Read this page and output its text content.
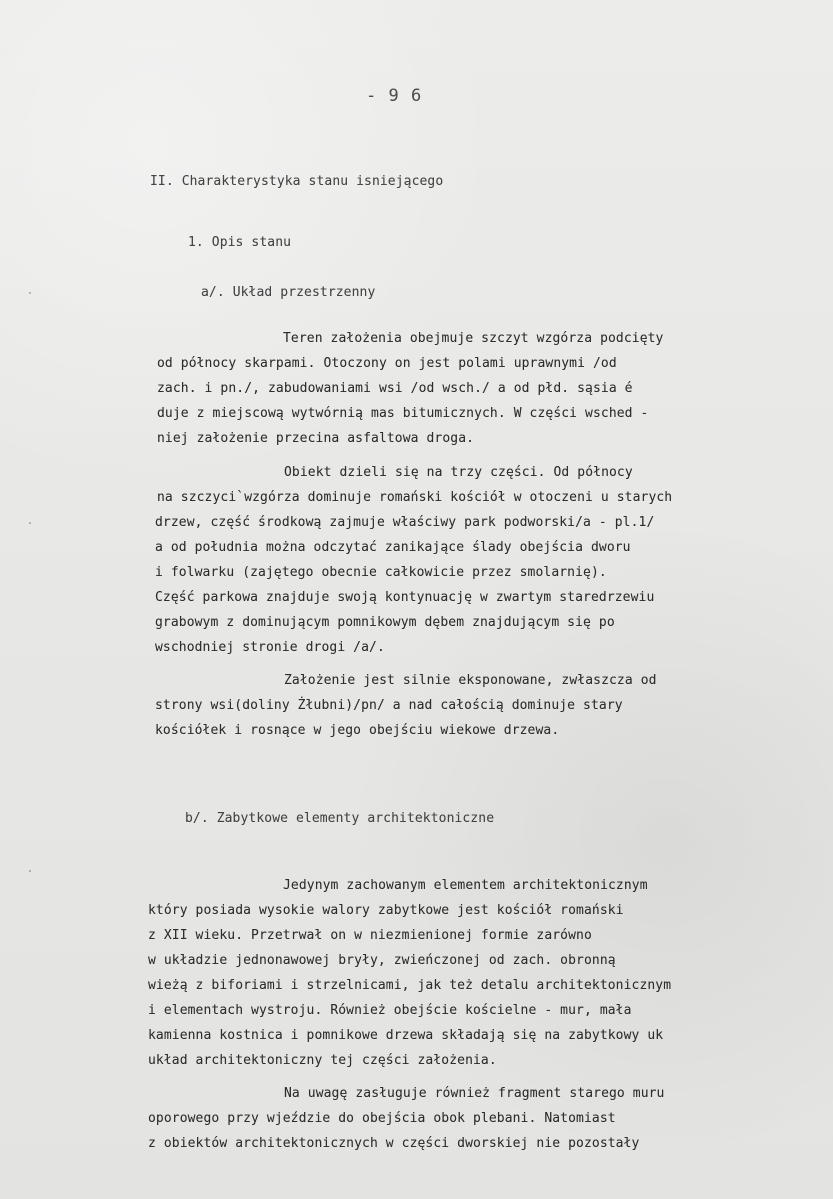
- 9 6
II. Charakterystyka stanu isniejącego
1. Opis stanu
a/. Układ przestrzenny
Teren założenia obejmuje szczyt wzgórza podcięty
od północy skarpami. Otoczony on jest polami uprawnymi /od
zach. i pn./, zabudowaniami wsi /od wsch./ a od płd. sąsia é
duje z miejscową wytwórnią mas bitumicznych. W części wsched -
niej założenie przecina asfaltowa droga.
Obiekt dzieli się na trzy części. Od północy
na szczyci`wzgórza dominuje romański kościół w otoczeni u starych
drzew, część środkową zajmuje właściwy park podworski/a - pl.1/
a od południa można odczytać zanikające ślady obejścia dworu
i folwarku (zajętego obecnie całkowicie przez smolarnię).
Część parkowa znajduje swoją kontynuację w zwartym staredrzewiu
grabowym z dominującym pomnikowym dębem znajdującym się po
wschodniej stronie drogi /a/.
Założenie jest silnie eksponowane, zwłaszcza od
strony wsi(doliny Żłubni)/pn/ a nad całością dominuje stary
kościółek i rosnące w jego obejściu wiekowe drzewa.
b/. Zabytkowe elementy architektoniczne
Jedynym zachowanym elementem architektonicznym
który posiada wysokie walory zabytkowe jest kościół romański
z XII wieku. Przetrwał on w niezmienionej formie zarówno
w układzie jednonawowej bryły, zwieńczonej od zach. obronną
wieżą z biforiami i strzelnicami, jak też detalu architektonicznym
i elementach wystroju. Również obejście kościelne - mur, mała
kamienna kostnica i pomnikowe drzewa składają się na zabytkowy uk
układ architektoniczny tej części założenia.
Na uwagę zasługuje również fragment starego muru
oporowego przy wjeździe do obejścia obok plebani. Natomiast
z obiektów architektonicznych w części dworskiej nie pozostały
